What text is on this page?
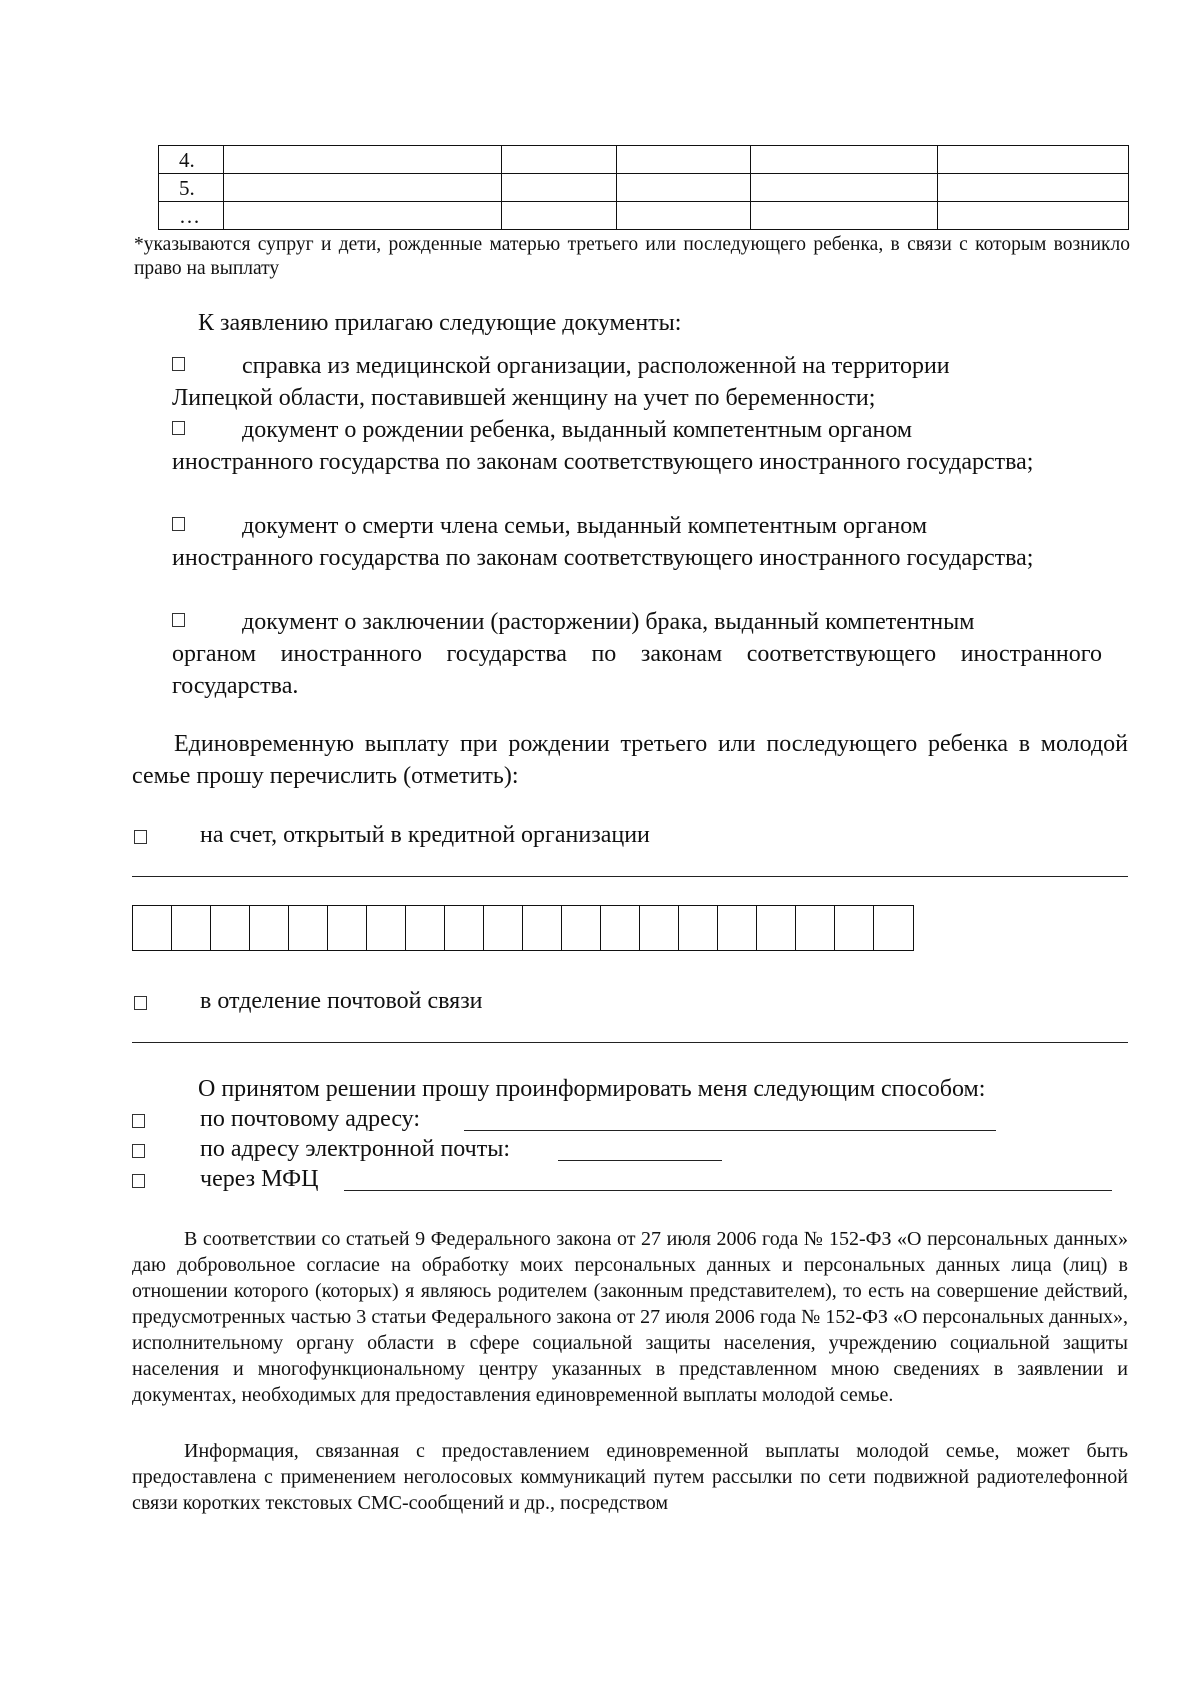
4.					
5.					
…					
*указываются супруг и дети, рожденные матерью третьего или последующего ребенка, в связи с которым возникло право на выплату
К заявлению прилагаю следующие документы:
справка из медицинской организации, расположенной на территории
Липецкой области, поставившей женщину на учет по беременности;
документ о рождении ребенка, выданный компетентным органом
иностранного государства по законам соответствующего иностранного государства;
документ о смерти члена семьи, выданный компетентным органом
иностранного государства по законам соответствующего иностранного государства;
документ о заключении (расторжении) брака, выданный компетентным
органом иностранного государства по законам соответствующего иностранного государства.
Единовременную выплату при рождении третьего или последующего ребенка в молодой семье прошу перечислить (отметить):
на счет, открытый в кредитной организации
в отделение почтовой связи
О принятом решении прошу проинформировать меня следующим способом:
по почтовому адресу:
по адресу электронной почты:
через МФЦ
В соответствии со статьей 9 Федерального закона от 27 июля 2006 года № 152-ФЗ «О персональных данных» даю добровольное согласие на обработку моих персональных данных и персональных данных лица (лиц) в отношении которого (которых) я являюсь родителем (законным представителем), то есть на совершение действий, предусмотренных частью 3 статьи Федерального закона от 27 июля 2006 года № 152-ФЗ «О персональных данных», исполнительному органу области в сфере социальной защиты населения, учреждению социальной защиты населения и многофункциональному центру указанных в представленном мною сведениях в заявлении и документах, необходимых для предоставления единовременной выплаты молодой семье.
Информация, связанная с предоставлением единовременной выплаты молодой семье, может быть предоставлена с применением неголосовых коммуникаций путем рассылки по сети подвижной радиотелефонной связи коротких текстовых СМС-сообщений и др., посредством
